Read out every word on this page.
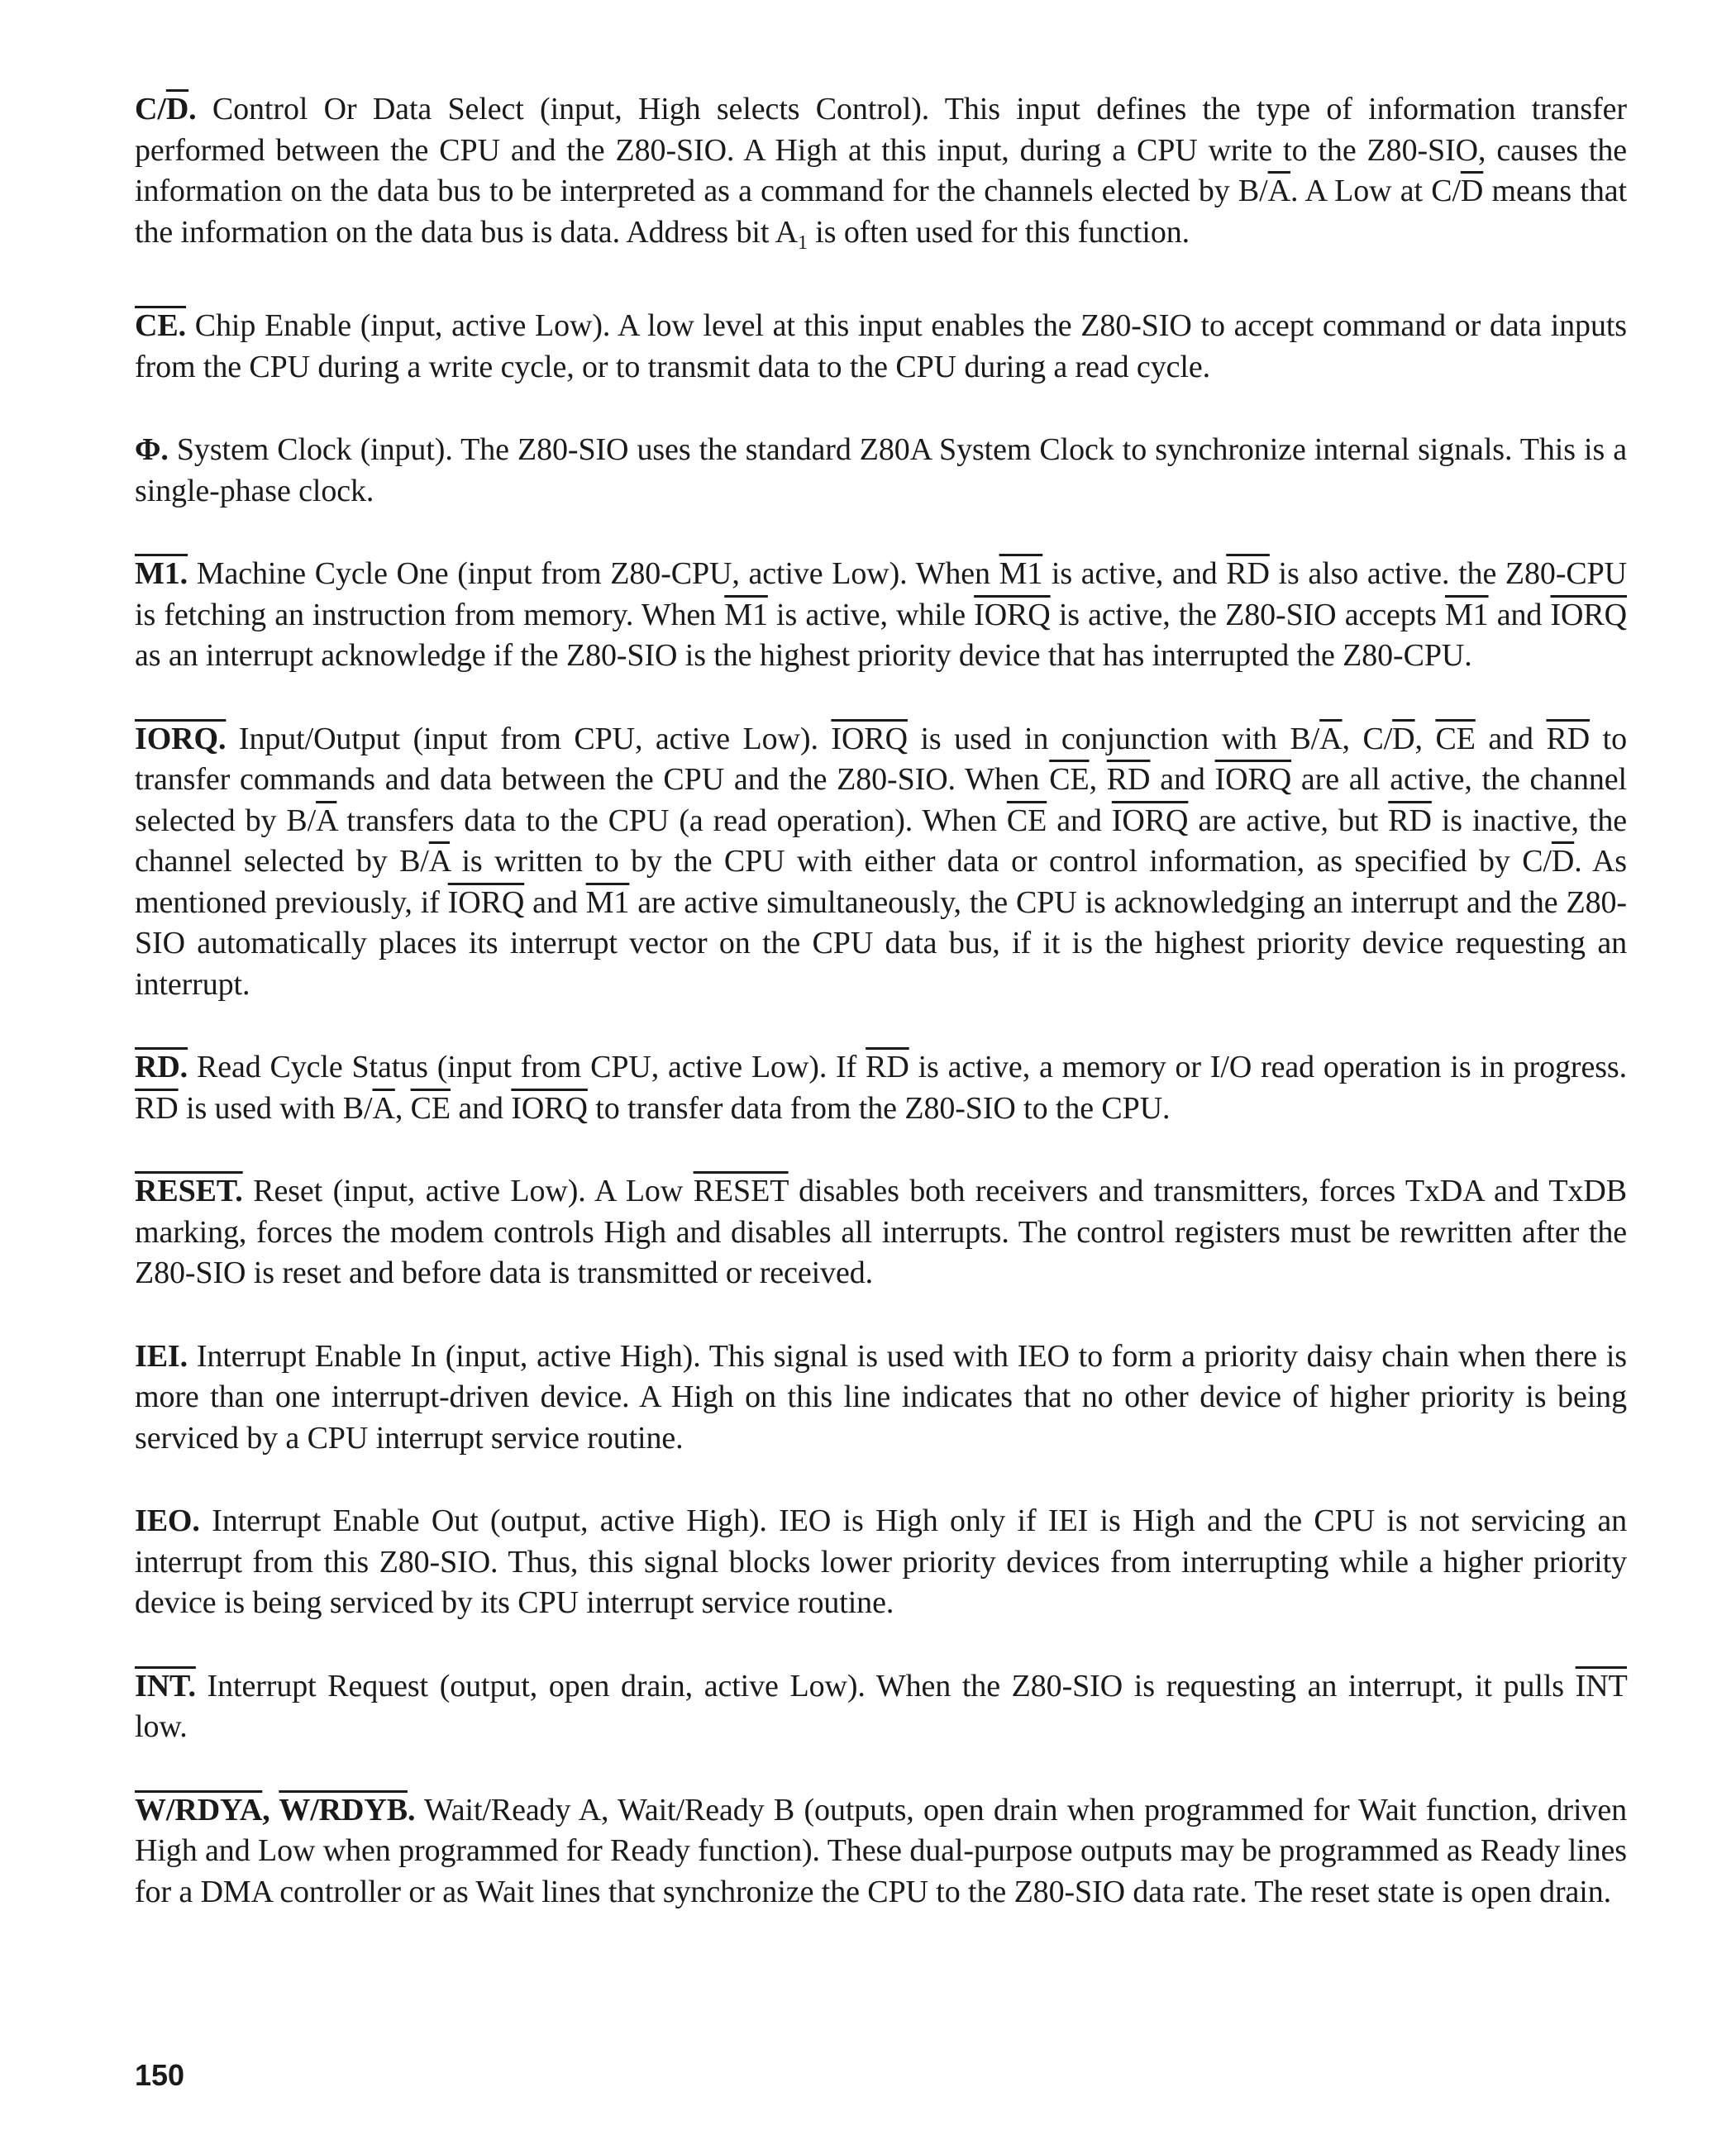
$C/\overline{D}$. Control Or Data Select (input, High selects Control). This input defines the type of information transfer performed between the CPU and the Z80-SIO. A High at this input, during a CPU write to the Z80-SIO, causes the information on the data bus to be interpreted as a command for the channels elected by $B/\overline{A}$. A Low at $C/\overline{D}$ means that the information on the data bus is data. Address bit $A_1$ is often used for this function.

CE. Chip Enable (input, active Low). A low level at this input enables the Z80-SIO to accept command or data inputs from the CPU during a write cycle, or to transmit data to the CPU during a read cycle.

Φ. System Clock (input). The Z80-SIO uses the standard Z80A System Clock to synchronize internal signals. This is a single-phase clock.

M1. Machine Cycle One (input from Z80-CPU, active Low). When M1 is active, and $\overline{RD}$ is also active. the Z80-CPU is fetching an instruction from memory. When M1 is active, while IORQ is active, the Z80-SIO accepts M1 and IORQ as an interrupt acknowledge if the Z80-SIO is the highest priority device that has interrupted the Z80-CPU.

IORQ. Input/Output (input from CPU, active Low). IORQ is used in conjunction with $B/\overline{A}$, $C/\overline{D}$, $\overline{CE}$ and $\overline{RD}$ to transfer commands and data between the CPU and the Z80-SIO. When $\overline{CE}$, $\overline{RD}$ and IORQ are all active, the channel selected by $B/\overline{A}$ transfers data to the CPU (a read operation). When $\overline{CE}$ and IORQ are active, but $\overline{RD}$ is inactive, the channel selected by $B/\overline{A}$ is written to by the CPU with either data or control information, as specified by $C/\overline{D}$. As mentioned previously, if IORQ and M1 are active simultaneously, the CPU is acknowledging an interrupt and the Z80-SIO automatically places its interrupt vector on the CPU data bus, if it is the highest priority device requesting an interrupt.

RD. Read Cycle Status (input from CPU, active Low). If $\overline{RD}$ is active, a memory or I/O read operation is in progress. $\overline{RD}$ is used with $B/\overline{A}$, $\overline{CE}$ and IORQ to transfer data from the Z80-SIO to the CPU.

RESET. Reset (input, active Low). A Low RESET disables both receivers and transmitters, forces TxDA and TxDB marking, forces the modem controls High and disables all interrupts. The control registers must be rewritten after the Z80-SIO is reset and before data is transmitted or received.

IEI. Interrupt Enable In (input, active High). This signal is used with IEO to form a priority daisy chain when there is more than one interrupt-driven device. A High on this line indicates that no other device of higher priority is being serviced by a CPU interrupt service routine.

IEO. Interrupt Enable Out (output, active High). IEO is High only if IEI is High and the CPU is not servicing an interrupt from this Z80-SIO. Thus, this signal blocks lower priority devices from interrupting while a higher priority device is being serviced by its CPU interrupt service routine.

INT. Interrupt Request (output, open drain, active Low). When the Z80-SIO is requesting an interrupt, it pulls $\overline{INT}$ low.

W/RDYA, W/RDYB. Wait/Ready A, Wait/Ready B (outputs, open drain when programmed for Wait function, driven High and Low when programmed for Ready function). These dual-purpose outputs may be programmed as Ready lines for a DMA controller or as Wait lines that synchronize the CPU to the Z80-SIO data rate. The reset state is open drain.

150
